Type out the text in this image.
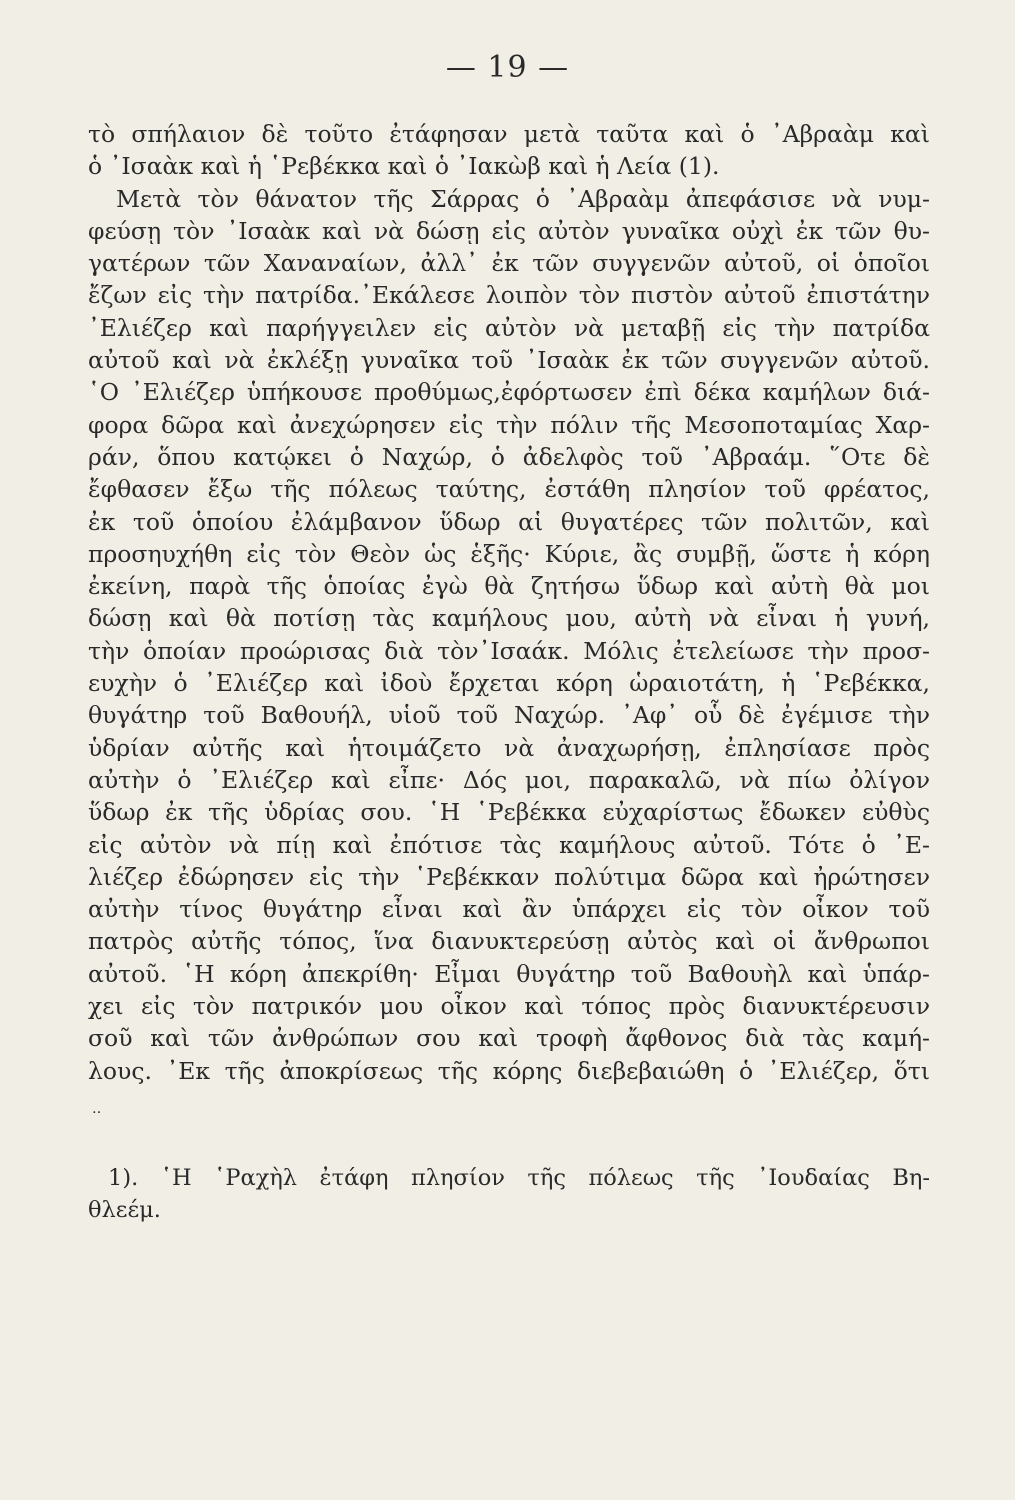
— 19 —
τὸ σπήλαιον δὲ τοῦτο ἐτάφησαν μετὰ ταῦτα καὶ ὁ ᾿Αβραὰμ καὶ
ὁ ᾿Ισαὰκ καὶ ἡ ῾Ρεβέκκα καὶ ὁ ᾿Ιακὼβ καὶ ἡ Λεία (1).
Μετὰ τὸν θάνατον τῆς Σάρρας ὁ ᾿Αβραὰμ ἀπεφάσισε νὰ νυμ-
φεύσῃ τὸν ᾿Ισαὰκ καὶ νὰ δώσῃ εἰς αὐτὸν γυναῖκα οὐχὶ ἐκ τῶν θυ-
γατέρων τῶν Χαναναίων, ἀλλ᾿ ἐκ τῶν συγγενῶν αὐτοῦ, οἱ ὁποῖοι
ἔζων εἰς τὴν πατρίδα.᾿Εκάλεσε λοιπὸν τὸν πιστὸν αὐτοῦ ἐπιστάτην
᾿Ελιέζερ καὶ παρήγγειλεν εἰς αὐτὸν νὰ μεταβῇ εἰς τὴν πατρίδα
αὐτοῦ καὶ νὰ ἐκλέξῃ γυναῖκα τοῦ ᾿Ισαὰκ ἐκ τῶν συγγενῶν αὐτοῦ.
῾Ο ᾿Ελιέζερ ὑπήκουσε προθύμως,ἐφόρτωσεν ἐπὶ δέκα καμήλων διά-
φορα δῶρα καὶ ἀνεχώρησεν εἰς τὴν πόλιν τῆς Μεσοποταμίας Χαρ-
ράν, ὅπου κατῴκει ὁ Ναχώρ, ὁ ἀδελφὸς τοῦ ᾿Αβραάμ. ῞Οτε δὲ
ἔφθασεν ἔξω τῆς πόλεως ταύτης, ἐστάθη πλησίον τοῦ φρέατος,
ἐκ τοῦ ὁποίου ἐλάμβανον ὕδωρ αἱ θυγατέρες τῶν πολιτῶν, καὶ
προσηυχήθη εἰς τὸν Θεὸν ὡς ἑξῆς· Κύριε, ἂς συμβῇ, ὥστε ἡ κόρη
ἐκείνη, παρὰ τῆς ὁποίας ἐγὼ θὰ ζητήσω ὕδωρ καὶ αὐτὴ θὰ μοι
δώσῃ καὶ θὰ ποτίσῃ τὰς καμήλους μου, αὐτὴ νὰ εἶναι ἡ γυνή,
τὴν ὁποίαν προώρισας διὰ τὸν᾿Ισαάκ. Μόλις ἐτελείωσε τὴν προσ-
ευχὴν ὁ ᾿Ελιέζερ καὶ ἰδοὺ ἔρχεται κόρη ὡραιοτάτη, ἡ ῾Ρεβέκκα,
θυγάτηρ τοῦ Βαθουήλ, υἱοῦ τοῦ Ναχώρ. ᾿Αφ᾿ οὗ δὲ ἐγέμισε τὴν
ὑδρίαν αὐτῆς καὶ ἡτοιμάζετο νὰ ἀναχωρήσῃ, ἐπλησίασε πρὸς
αὐτὴν ὁ ᾿Ελιέζερ καὶ εἶπε· Δός μοι, παρακαλῶ, νὰ πίω ὀλίγον
ὕδωρ ἐκ τῆς ὑδρίας σου. ῾Η ῾Ρεβέκκα εὐχαρίστως ἔδωκεν εὐθὺς
εἰς αὐτὸν νὰ πίῃ καὶ ἐπότισε τὰς καμήλους αὐτοῦ. Τότε ὁ ᾿Ε-
λιέζερ ἐδώρησεν εἰς τὴν ῾Ρεβέκκαν πολύτιμα δῶρα καὶ ἠρώτησεν
αὐτὴν τίνος θυγάτηρ εἶναι καὶ ἂν ὑπάρχει εἰς τὸν οἶκον τοῦ
πατρὸς αὐτῆς τόπος, ἵνα διανυκτερεύσῃ αὐτὸς καὶ οἱ ἄνθρωποι
αὐτοῦ. ῾Η κόρη ἀπεκρίθη· Εἶμαι θυγάτηρ τοῦ Βαθουὴλ καὶ ὑπάρ-
χει εἰς τὸν πατρικόν μου οἶκον καὶ τόπος πρὸς διανυκτέρευσιν
σοῦ καὶ τῶν ἀνθρώπων σου καὶ τροφὴ ἄφθονος διὰ τὰς καμή-
λους. ᾿Εκ τῆς ἀποκρίσεως τῆς κόρης διεβεβαιώθη ὁ ᾿Ελιέζερ, ὅτι
‥
1). ῾Η ῾Ραχὴλ ἐτάφη πλησίον τῆς πόλεως τῆς ᾿Ιουδαίας Βη-
θλεέμ.
